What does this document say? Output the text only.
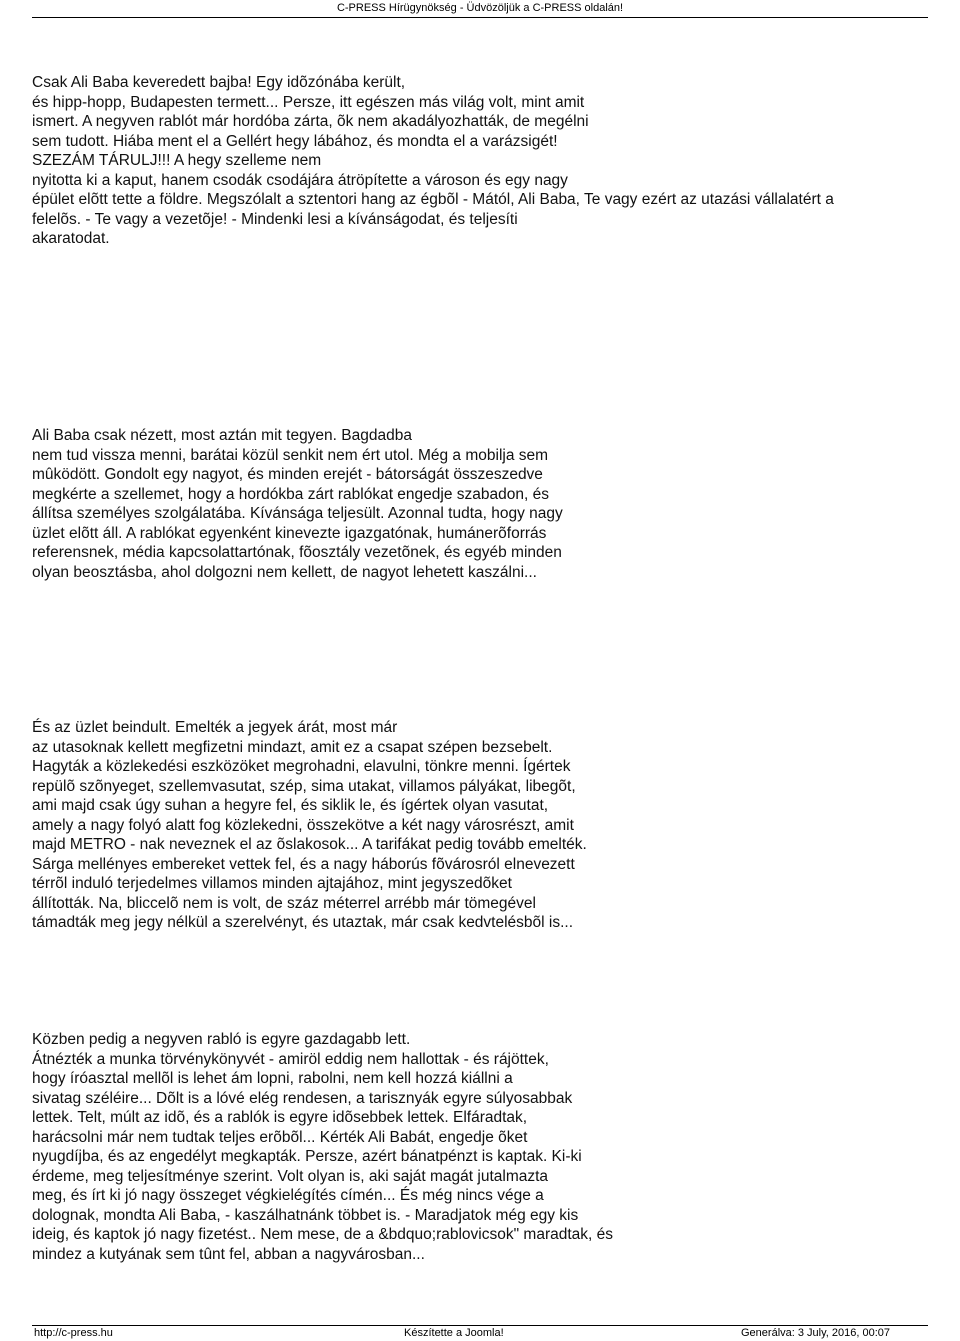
C-PRESS Hírügynökség - Üdvözöljük a C-PRESS oldalán!

Csak Ali Baba keveredett bajba! Egy idõzónába került,
és hipp-hopp, Budapesten termett... Persze, itt egészen más világ volt, mint amit
ismert. A negyven rablót már hordóba zárta, õk nem akadályozhatták, de megélni
sem tudott. Hiába ment el a Gellért hegy lábához, és mondta el a varázsigét!
SZEZÁM TÁRULJ!!! A hegy szelleme nem
nyitotta ki a kaput, hanem csodák csodájára átröpítette a városon és egy nagy
épület elõtt tette a földre. Megszólalt a sztentori hang az égbõl - Mától, Ali Baba, Te vagy ezért az utazási vállalatért a
felelõs. - Te vagy a vezetõje! - Mindenki lesi a kívánságodat, és teljesíti
akaratodat.

Ali Baba csak nézett, most aztán mit tegyen. Bagdadba
nem tud vissza menni, barátai közül senkit nem ért utol. Még a mobilja sem
mûködött. Gondolt egy nagyot, és minden erejét - bátorságát összeszedve
megkérte a szellemet, hogy a hordókba zárt rablókat engedje szabadon, és
állítsa személyes szolgálatába. Kívánsága teljesült. Azonnal tudta, hogy nagy
üzlet elõtt áll. A rablókat egyenként kinevezte igazgatónak, humánerõforrás
referensnek, média kapcsolattartónak, fõosztály vezetõnek, és egyéb minden
olyan beosztásba, ahol dolgozni nem kellett, de nagyot lehetett kaszálni...

És az üzlet beindult. Emelték a jegyek árát, most már
az utasoknak kellett megfizetni mindazt, amit ez a csapat szépen bezsebelt.
Hagyták a közlekedési eszközöket megrohadni, elavulni, tönkre menni. Ígértek
repülõ szõnyeget, szellemvasutat, szép, sima utakat, villamos pályákat, libegõt,
ami majd csak úgy suhan a hegyre fel, és siklik le, és ígértek olyan vasutat,
amely a nagy folyó alatt fog közlekedni, összekötve a két nagy városrészt, amit
majd METRO - nak neveznek el az õslakosok... A tarifákat pedig tovább emelték.
Sárga mellényes embereket vettek fel, és a nagy háborús fõvárosról elnevezett
térrõl induló terjedelmes villamos minden ajtajához, mint jegyszedõket
állították. Na, bliccelõ nem is volt, de száz méterrel arrébb már tömegével
támadták meg jegy nélkül a szerelvényt, és utaztak, már csak kedvtelésbõl is...

Közben pedig a negyven rabló is egyre gazdagabb lett.
Átnézték a munka törvénykönyvét - amiröl eddig nem hallottak - és rájöttek,
hogy íróasztal mellõl is lehet ám lopni, rabolni, nem kell hozzá kiállni a
sivatag széléire... Dõlt is a lóvé elég rendesen, a tarisznyák egyre súlyosabbak
lettek. Telt, múlt az idõ, és a rablók is egyre idõsebbek lettek. Elfáradtak,
harácsolni már nem tudtak teljes erõbõl... Kérték Ali Babát, engedje õket
nyugdíjba, és az engedélyt megkapták. Persze, azért bánatpénzt is kaptak. Ki-ki
érdeme, meg teljesítménye szerint. Volt olyan is, aki saját magát jutalmazta
meg, és írt ki jó nagy összeget végkielégítés címén... És még nincs vége a
dolognak, mondta Ali Baba, - kaszálhatnánk többet is. - Maradjatok még egy kis
ideig, és kaptok jó nagy fizetést.. Nem mese, de a &bdquo;rablovicsok" maradtak, és
mindez a kutyának sem tûnt fel, abban a nagyvárosban...

http://c-press.hu	Készítette a Joomla!	Generálva: 3 July, 2016, 00:07
